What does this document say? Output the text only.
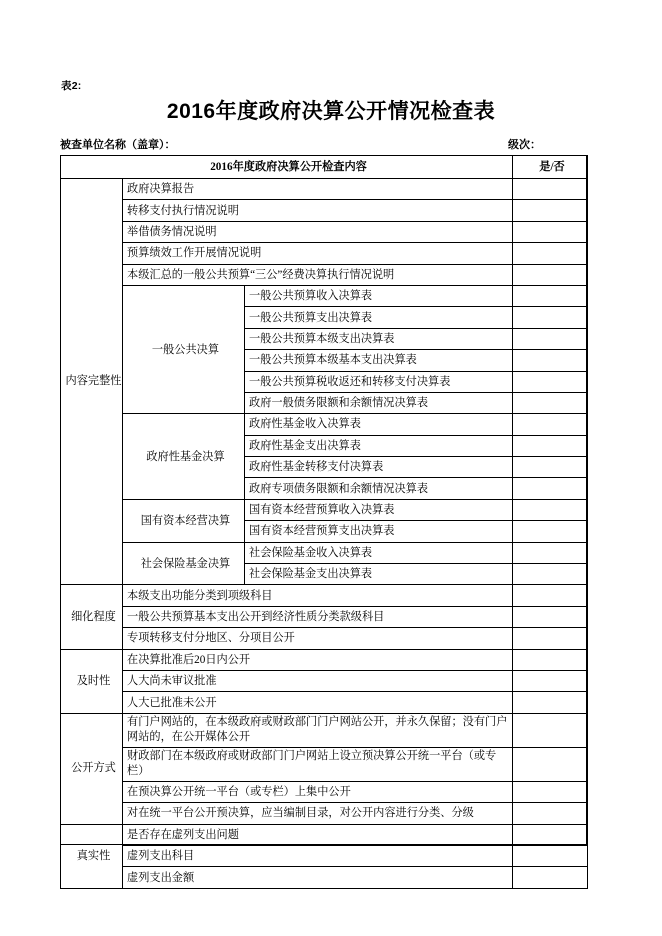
表2:
2016年度政府决算公开情况检查表
被查单位名称（盖章）：	级次：
2016年度政府决算公开检查内容			是/否
内容完整性	政府决算报告		
	转移支付执行情况说明		
	举借债务情况说明		
	预算绩效工作开展情况说明		
	本级汇总的一般公共预算“三公”经费决算执行情况说明		
	一般公共决算	一般公共预算收入决算表	
		一般公共预算支出决算表	
		一般公共预算本级支出决算表	
		一般公共预算本级基本支出决算表	
		一般公共预算税收返还和转移支付决算表	
		政府一般债务限额和余额情况决算表	
	政府性基金决算	政府性基金收入决算表	
		政府性基金支出决算表	
		政府性基金转移支付决算表	
		政府专项债务限额和余额情况决算表	
	国有资本经营决算	国有资本经营预算收入决算表	
		国有资本经营预算支出决算表	
	社会保险基金决算	社会保险基金收入决算表	
		社会保险基金支出决算表	
细化程度	本级支出功能分类到项级科目		
	一般公共预算基本支出公开到经济性质分类款级科目		
	专项转移支付分地区、分项目公开		
及时性	在决算批准后20日内公开		
	人大尚未审议批准		
	人大已批准未公开		
公开方式	有门户网站的，在本级政府或财政部门门户网站公开，并永久保留；没有门户网站的，在公开媒体公开		
	财政部门在本级政府或财政部门门户网站上设立预决算公开统一平台（或专栏）		
	在预决算公开统一平台（或专栏）上集中公开		
	对在统一平台公开预决算，应当编制目录，对公开内容进行分类、分级		
真实性	是否存在虚列支出问题		
	虚列支出科目		
	虚列支出金额		
